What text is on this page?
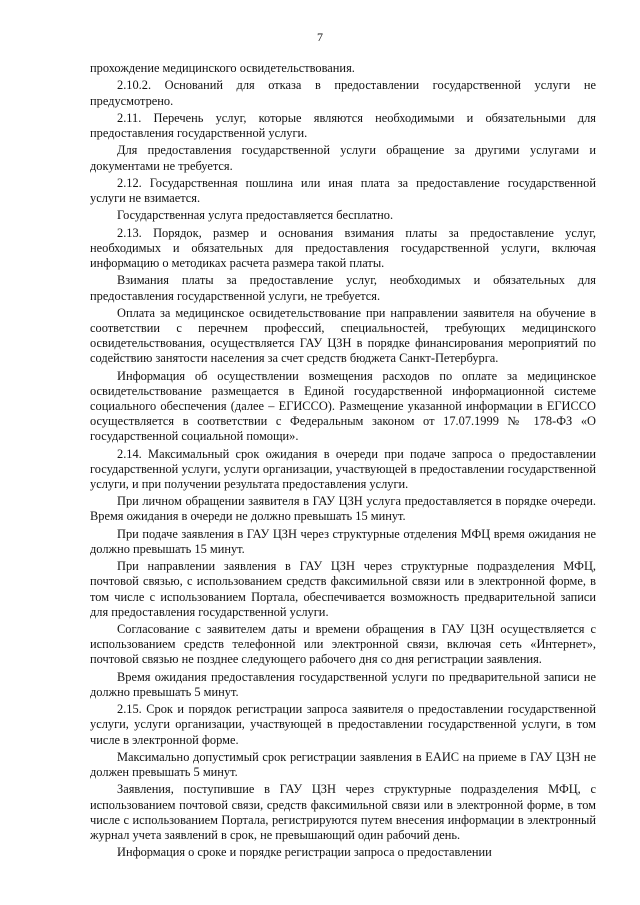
7

прохождение медицинского освидетельствования.

2.10.2. Оснований для отказа в предоставлении государственной услуги не предусмотрено.

2.11. Перечень услуг, которые являются необходимыми и обязательными для предоставления государственной услуги.

Для предоставления государственной услуги обращение за другими услугами и документами не требуется.

2.12. Государственная пошлина или иная плата за предоставление государственной услуги не взимается.

Государственная услуга предоставляется бесплатно.

2.13. Порядок, размер и основания взимания платы за предоставление услуг, необходимых и обязательных для предоставления государственной услуги, включая информацию о методиках расчета размера такой платы.

Взимания платы за предоставление услуг, необходимых и обязательных для предоставления государственной услуги, не требуется.

Оплата за медицинское освидетельствование при направлении заявителя на обучение в соответствии с перечнем профессий, специальностей, требующих медицинского освидетельствования, осуществляется ГАУ ЦЗН в порядке финансирования мероприятий по содействию занятости населения за счет средств бюджета Санкт-Петербурга.

Информация об осуществлении возмещения расходов по оплате за медицинское освидетельствование размещается в Единой государственной информационной системе социального обеспечения (далее – ЕГИССО). Размещение указанной информации в ЕГИССО осуществляется в соответствии с Федеральным законом от 17.07.1999 № 178-ФЗ «О государственной социальной помощи».

2.14. Максимальный срок ожидания в очереди при подаче запроса о предоставлении государственной услуги, услуги организации, участвующей в предоставлении государственной услуги, и при получении результата предоставления услуги.

При личном обращении заявителя в ГАУ ЦЗН услуга предоставляется в порядке очереди. Время ожидания в очереди не должно превышать 15 минут.

При подаче заявления в ГАУ ЦЗН через структурные отделения МФЦ время ожидания не должно превышать 15 минут.

При направлении заявления в ГАУ ЦЗН через структурные подразделения МФЦ, почтовой связью, с использованием средств факсимильной связи или в электронной форме, в том числе с использованием Портала, обеспечивается возможность предварительной записи для предоставления государственной услуги.

Согласование с заявителем даты и времени обращения в ГАУ ЦЗН осуществляется с использованием средств телефонной или электронной связи, включая сеть «Интернет», почтовой связью не позднее следующего рабочего дня со дня регистрации заявления.

Время ожидания предоставления государственной услуги по предварительной записи не должно превышать 5 минут.

2.15. Срок и порядок регистрации запроса заявителя о предоставлении государственной услуги, услуги организации, участвующей в предоставлении государственной услуги, в том числе в электронной форме.

Максимально допустимый срок регистрации заявления в ЕАИС на приеме в ГАУ ЦЗН не должен превышать 5 минут.

Заявления, поступившие в ГАУ ЦЗН через структурные подразделения МФЦ, с использованием почтовой связи, средств факсимильной связи или в электронной форме, в том числе с использованием Портала, регистрируются путем внесения информации в электронный журнал учета заявлений в срок, не превышающий один рабочий день.

Информация о сроке и порядке регистрации запроса о предоставлении
